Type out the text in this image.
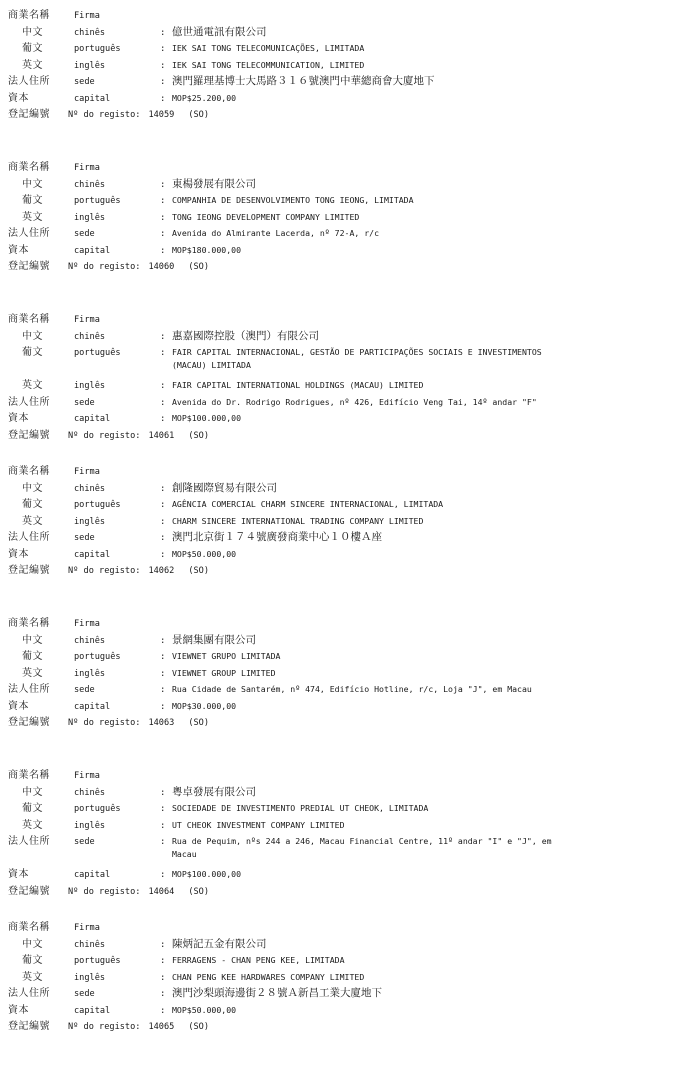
商業名稱	Firma
中文	chinês	: 億世通電訊有限公司
葡文	português	: IEK SAI TONG TELECOMUNICAÇÕES, LIMITADA
英文	inglês	: IEK SAI TONG TELECOMMUNICATION, LIMITED
法人住所	sede	: 澳門羅理基博士大馬路３１６號澳門中華總商會大廈地下
資本	capital	: MOP$25.200,00
登記編號	Nº do registo: 14059	(SO)
商業名稱	Firma
中文	chinês	: 東楊發展有限公司
葡文	português	: COMPANHIA DE DESENVOLVIMENTO TONG IEONG, LIMITADA
英文	inglês	: TONG IEONG DEVELOPMENT COMPANY LIMITED
法人住所	sede	: Avenida do Almirante Lacerda, nº 72-A, r/c
資本	capital	: MOP$180.000,00
登記編號	Nº do registo: 14060	(SO)
商業名稱	Firma
中文	chinês	: 惠嘉國際控股（澳門）有限公司
葡文	português	: FAIR CAPITAL INTERNACIONAL, GESTÃO DE PARTICIPAÇÕES SOCIAIS E INVESTIMENTOS
(MACAU) LIMITADA
英文	inglês	: FAIR CAPITAL INTERNATIONAL HOLDINGS (MACAU) LIMITED
法人住所	sede	: Avenida do Dr. Rodrigo Rodrigues, nº 426, Edifício Veng Tai, 14º andar "F"
資本	capital	: MOP$100.000,00
登記編號	Nº do registo: 14061	(SO)
商業名稱	Firma
中文	chinês	: 創隆國際貿易有限公司
葡文	português	: AGÊNCIA COMERCIAL CHARM SINCERE INTERNACIONAL, LIMITADA
英文	inglês	: CHARM SINCERE INTERNATIONAL TRADING COMPANY LIMITED
法人住所	sede	: 澳門北京街１７４號廣發商業中心１０樓Ａ座
資本	capital	: MOP$50.000,00
登記編號	Nº do registo: 14062	(SO)
商業名稱	Firma
中文	chinês	: 景網集團有限公司
葡文	português	: VIEWNET GRUPO LIMITADA
英文	inglês	: VIEWNET GROUP LIMITED
法人住所	sede	: Rua Cidade de Santarém, nº 474, Edifício Hotline, r/c, Loja "J", em Macau
資本	capital	: MOP$30.000,00
登記編號	Nº do registo: 14063	(SO)
商業名稱	Firma
中文	chinês	: 粵卓發展有限公司
葡文	português	: SOCIEDADE DE INVESTIMENTO PREDIAL UT CHEOK, LIMITADA
英文	inglês	: UT CHEOK INVESTMENT COMPANY LIMITED
法人住所	sede	: Rua de Pequim, nºs 244 a 246, Macau Financial Centre, 11º andar "I" e "J", em
Macau
資本	capital	: MOP$100.000,00
登記編號	Nº do registo: 14064	(SO)
商業名稱	Firma
中文	chinês	: 陳炳記五金有限公司
葡文	português	: FERRAGENS - CHAN PENG KEE, LIMITADA
英文	inglês	: CHAN PENG KEE HARDWARES COMPANY LIMITED
法人住所	sede	: 澳門沙梨頭海邊街２８號Ａ新昌工業大廈地下
資本	capital	: MOP$50.000,00
登記編號	Nº do registo: 14065	(SO)
